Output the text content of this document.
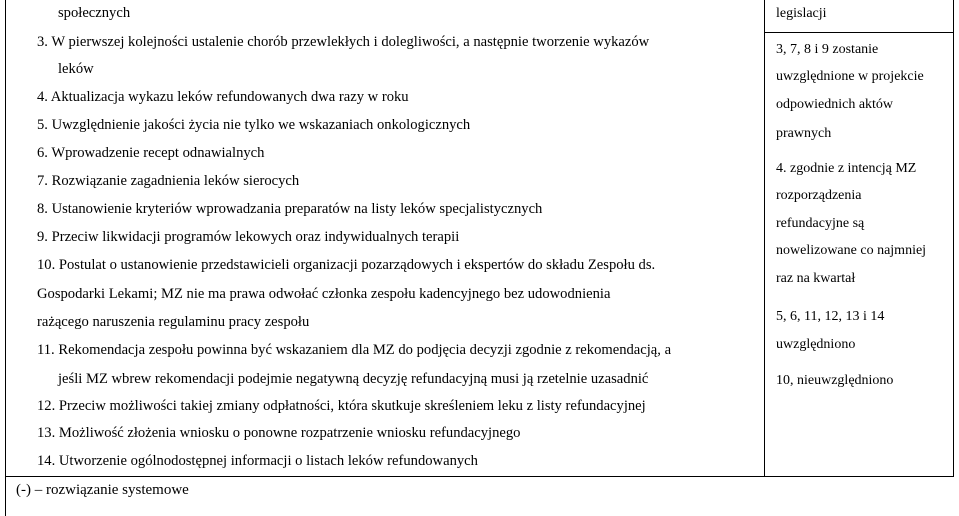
społecznych
3. W pierwszej kolejności ustalenie chorób przewlekłych i dolegliwości, a następnie tworzenie wykazów
leków
4. Aktualizacja wykazu leków refundowanych dwa razy w roku
5. Uwzględnienie jakości życia nie tylko we wskazaniach onkologicznych
6. Wprowadzenie recept odnawialnych
7. Rozwiązanie zagadnienia leków sierocych
8. Ustanowienie kryteriów wprowadzania preparatów na listy leków specjalistycznych
9. Przeciw likwidacji programów lekowych oraz indywidualnych terapii
10. Postulat o ustanowienie przedstawicieli organizacji pozarządowych i ekspertów do składu Zespołu ds.
Gospodarki Lekami; MZ nie ma prawa odwołać członka zespołu kadencyjnego bez udowodnienia
rażącego naruszenia regulaminu pracy zespołu
11. Rekomendacja zespołu powinna być wskazaniem dla MZ do podjęcia decyzji zgodnie z rekomendacją, a
jeśli MZ wbrew rekomendacji podejmie negatywną decyzję refundacyjną musi ją rzetelnie uzasadnić
12. Przeciw możliwości takiej zmiany odpłatności, która skutkuje skreśleniem leku z listy refundacyjnej
13. Możliwość złożenia wniosku o ponowne rozpatrzenie wniosku refundacyjnego
14. Utworzenie ogólnodostępnej informacji o listach leków refundowanych
legislacji
3, 7, 8 i 9 zostanie
uwzględnione w projekcie
odpowiednich aktów
prawnych
4. zgodnie z intencją MZ
rozporządzenia
refundacyjne są
nowelizowane co najmniej
raz na kwartał
5, 6, 11, 12, 13 i 14
uwzględniono
10, nieuwzględniono
(-) – rozwiązanie systemowe
